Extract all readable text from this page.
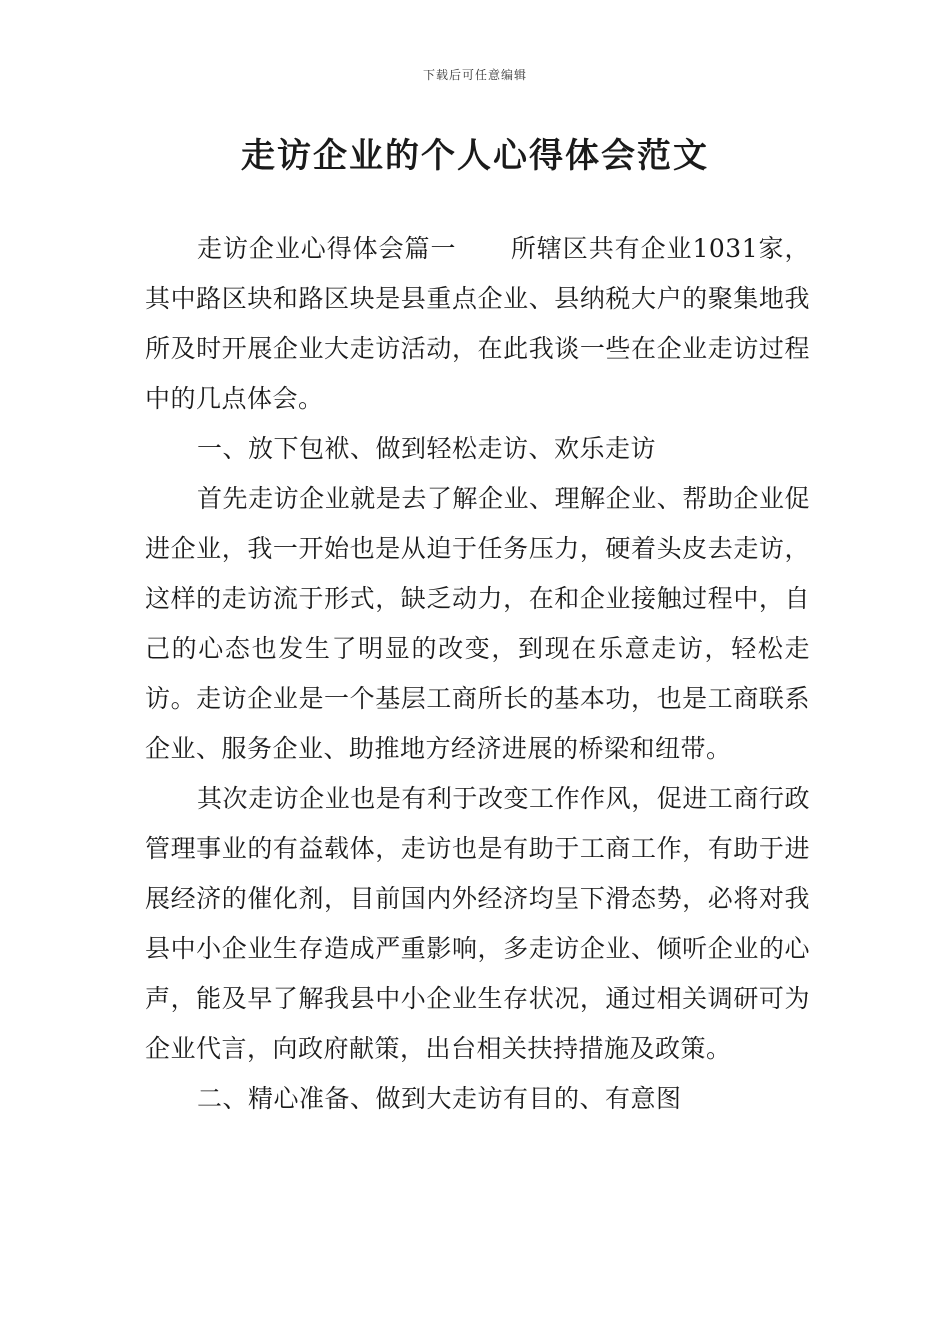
下载后可任意编辑
走访企业的个人心得体会范文

走访企业心得体会篇一 所辖区共有企业1031家，其中路区块和路区块是县重点企业、县纳税大户的聚集地我所及时开展企业大走访活动，在此我谈一些在企业走访过程中的几点体会。

一、放下包袱、做到轻松走访、欢乐走访

首先走访企业就是去了解企业、理解企业、帮助企业促进企业，我一开始也是从迫于任务压力，硬着头皮去走访，这样的走访流于形式，缺乏动力，在和企业接触过程中，自己的心态也发生了明显的改变，到现在乐意走访，轻松走访。走访企业是一个基层工商所长的基本功，也是工商联系企业、服务企业、助推地方经济进展的桥梁和纽带。

其次走访企业也是有利于改变工作作风，促进工商行政管理事业的有益载体，走访也是有助于工商工作，有助于进展经济的催化剂，目前国内外经济均呈下滑态势，必将对我县中小企业生存造成严重影响，多走访企业、倾听企业的心声，能及早了解我县中小企业生存状况，通过相关调研可为企业代言，向政府献策，出台相关扶持措施及政策。

二、精心准备、做到大走访有目的、有意图
